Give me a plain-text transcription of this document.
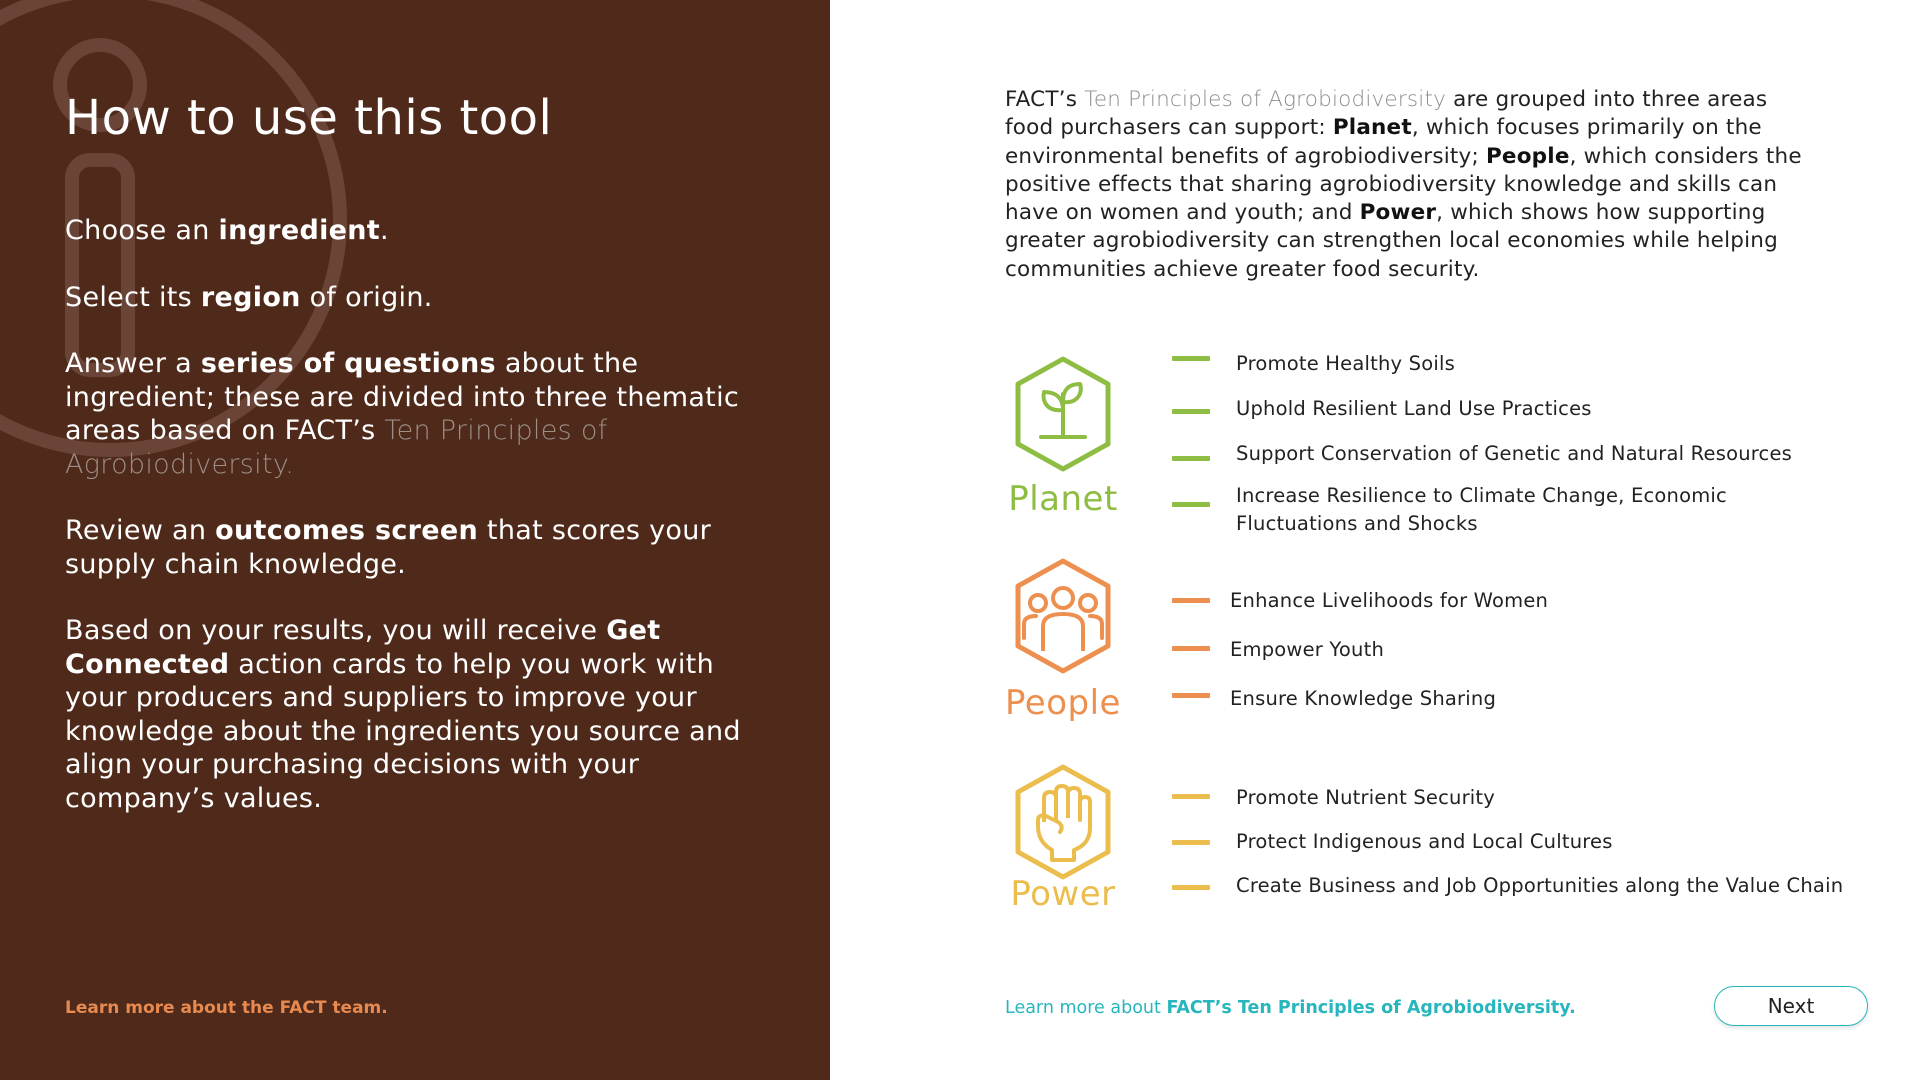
How to use this tool

Choose an ingredient.

Select its region of origin.

Answer a series of questions about the ingredient; these are divided into three thematic areas based on FACT’s Ten Principles of Agrobiodiversity.

Review an outcomes screen that scores your supply chain knowledge.

Based on your results, you will receive Get Connected action cards to help you work with your producers and suppliers to improve your knowledge about the ingredients you source and align your purchasing decisions with your company’s values.

Learn more about the FACT team.

FACT’s Ten Principles of Agrobiodiversity are grouped into three areas food purchasers can support: Planet, which focuses primarily on the environmental benefits of agrobiodiversity; People, which considers the positive effects that sharing agrobiodiversity knowledge and skills can have on women and youth; and Power, which shows how supporting greater agrobiodiversity can strengthen local economies while helping communities achieve greater food security.

Planet
Promote Healthy Soils
Uphold Resilient Land Use Practices
Support Conservation of Genetic and Natural Resources
Increase Resilience to Climate Change, Economic Fluctuations and Shocks
People
Enhance Livelihoods for Women
Empower Youth
Ensure Knowledge Sharing
Power
Promote Nutrient Security
Protect Indigenous and Local Cultures
Create Business and Job Opportunities along the Value Chain
Learn more about FACT’s Ten Principles of Agrobiodiversity.	Next
